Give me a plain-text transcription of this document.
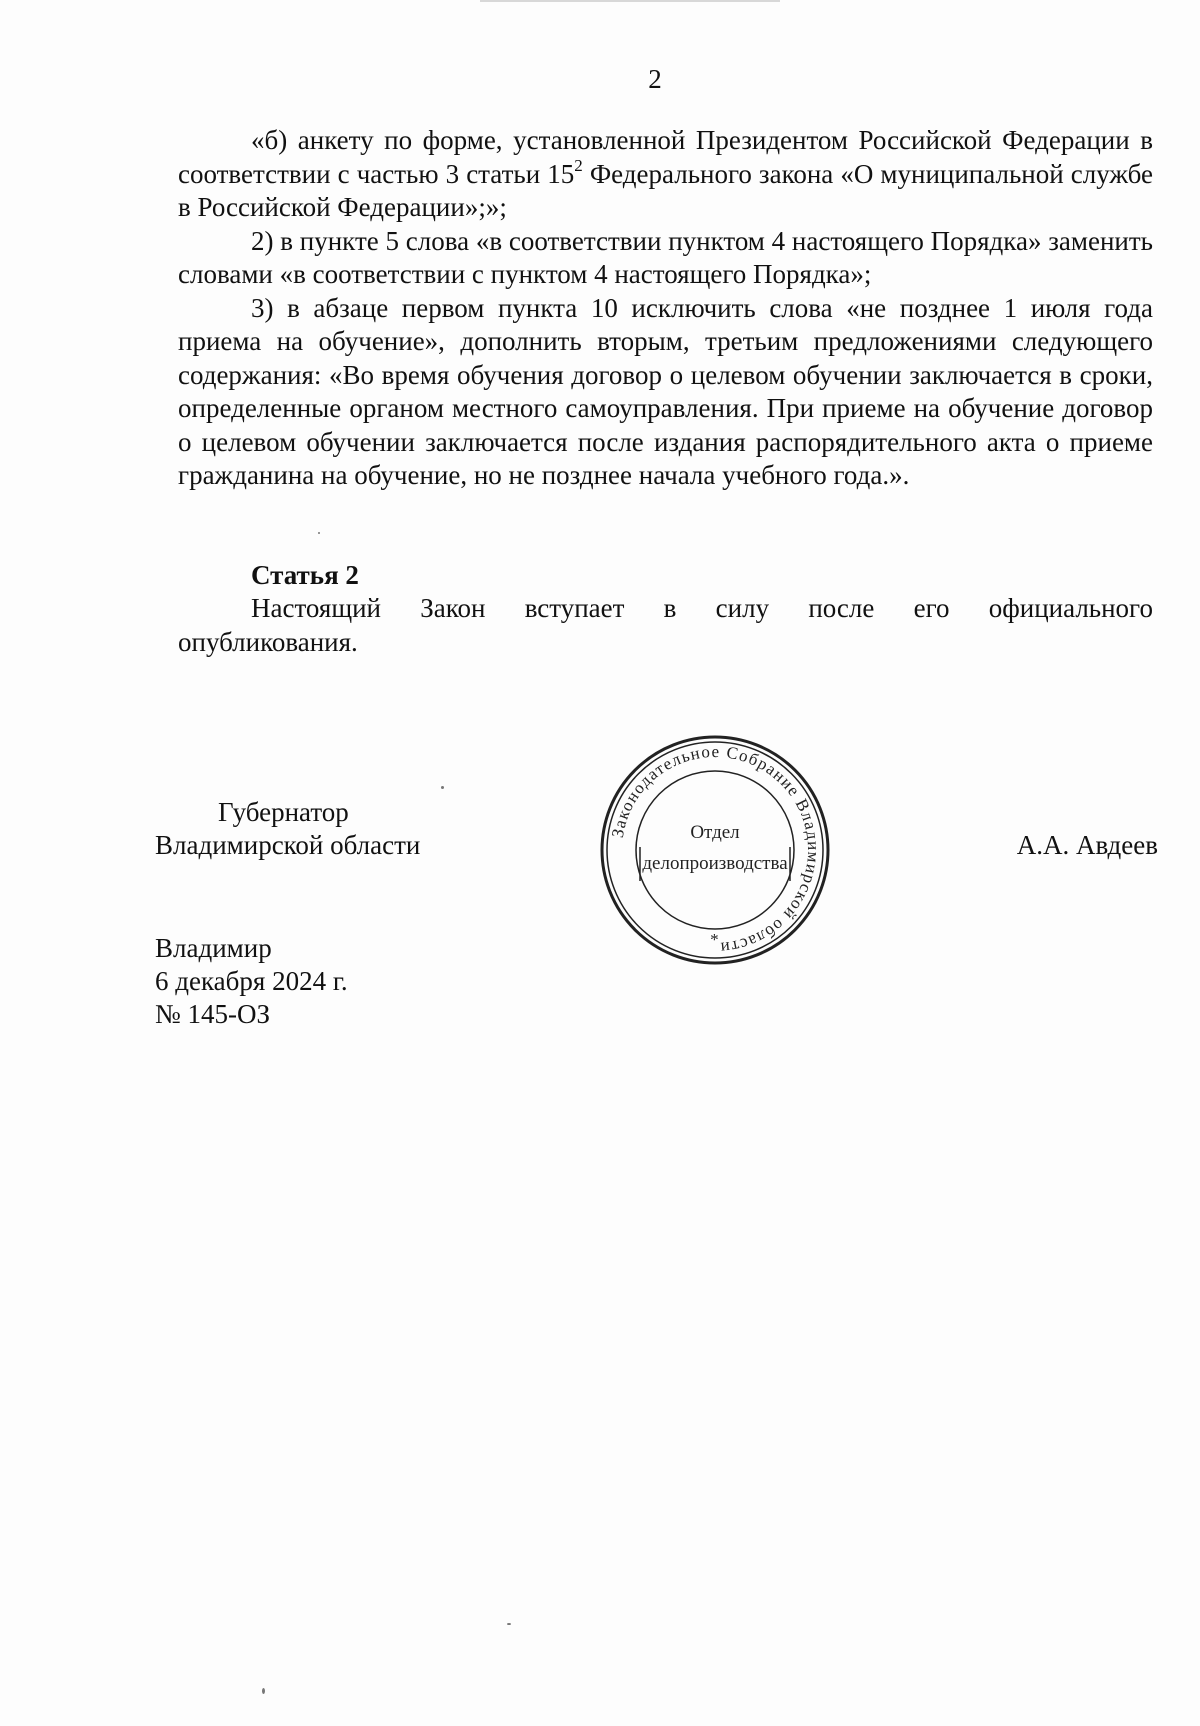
2

«б) анкету по форме, установленной Президентом Российской Федерации в соответствии с частью 3 статьи $15^2$ Федерального закона «О муниципальной службе в Российской Федерации»;»;

2) в пункте 5 слова «в соответствии пунктом 4 настоящего Порядка» заменить словами «в соответствии с пунктом 4 настоящего Порядка»;

3) в абзаце первом пункта 10 исключить слова «не позднее 1 июля года приема на обучение», дополнить вторым, третьим предложениями следующего содержания: «Во время обучения договор о целевом обучении заключается в сроки, определенные органом местного самоуправления. При приеме на обучение договор о целевом обучении заключается после издания распорядительного акта о приеме гражданина на обучение, но не позднее начала учебного года.».

Статья 2
Настоящий Закон вступает в силу после его официального
опубликования.
Губернатор
Владимирской области	А.А. Авдеев
Законодательное Собрание Владимирской области
Отдел
делопроизводства
*
Владимир
6 декабря 2024 г.
№ 145-ОЗ
